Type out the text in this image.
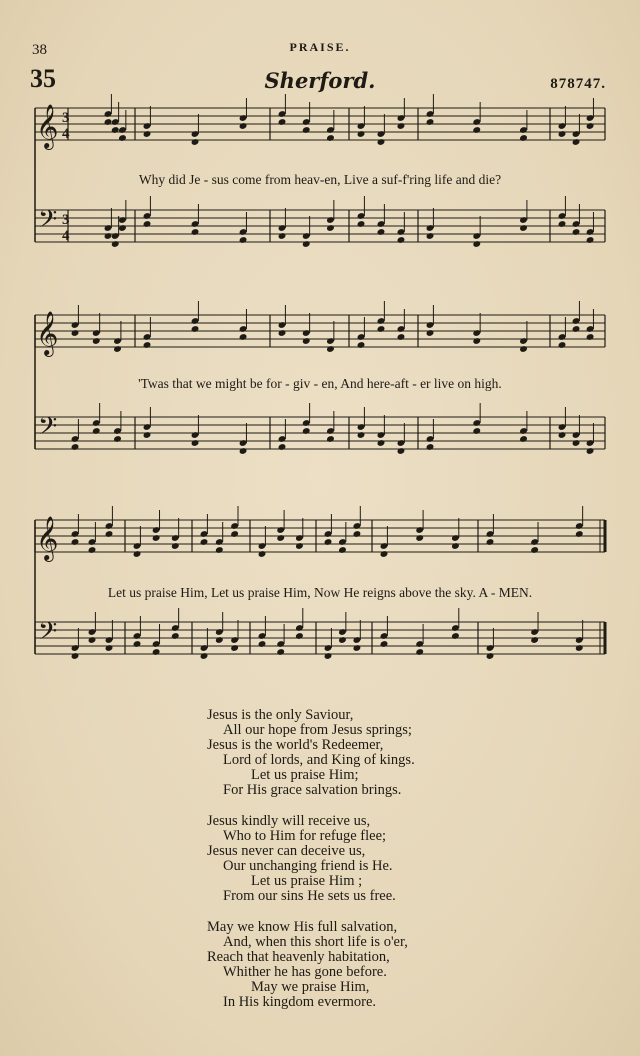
38	PRAISE.
35	Sherford.	878747.
𝄞 3
4
𝄢 3
4
𝄞
𝄢
𝄞
𝄢
Why did Je - sus come from heav-en, Live a suf-f'ring life and die?
'Twas that we might be for - giv - en, And here-aft - er live on high.
Let us praise Him, Let us praise Him, Now He reigns above the sky. A - MEN.
Jesus is the only Saviour,
All our hope from Jesus springs;
Jesus is the world's Redeemer,
Lord of lords, and King of kings.
Let us praise Him;
For His grace salvation brings.
Jesus kindly will receive us,
Who to Him for refuge flee;
Jesus never can deceive us,
Our unchanging friend is He.
Let us praise Him ;
From our sins He sets us free.
May we know His full salvation,
And, when this short life is o'er,
Reach that heavenly habitation,
Whither he has gone before.
May we praise Him,
In His kingdom evermore.
